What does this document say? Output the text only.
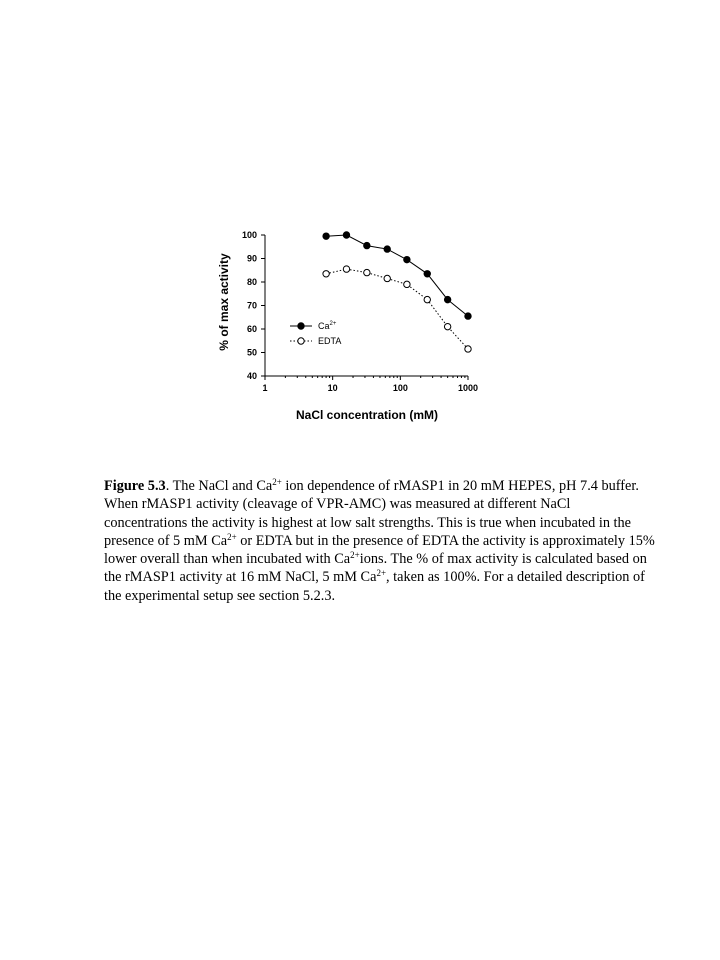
40
50
60
70
80
90
100
1	10	100	1000
% of max activity
NaCl concentration (mM)
$Ca^{2+}$
EDTA
Figure 5.3. The NaCl and $Ca^{2+}$ ion dependence of rMASP1 in 20 mM HEPES, pH 7.4 buffer. When rMASP1 activity (cleavage of VPR-AMC) was measured at different NaCl concentrations the activity is highest at low salt strengths. This is true when incubated in the presence of 5 mM $Ca^{2+}$ or EDTA but in the presence of EDTA the activity is approximately 15% lower overall than when incubated with $Ca^{2+}ions$. The % of max activity is calculated based on the rMASP1 activity at 16 mM NaCl, 5 mM $Ca^{2+}$, taken as 100%. For a detailed description of the experimental setup see section 5.2.3.
